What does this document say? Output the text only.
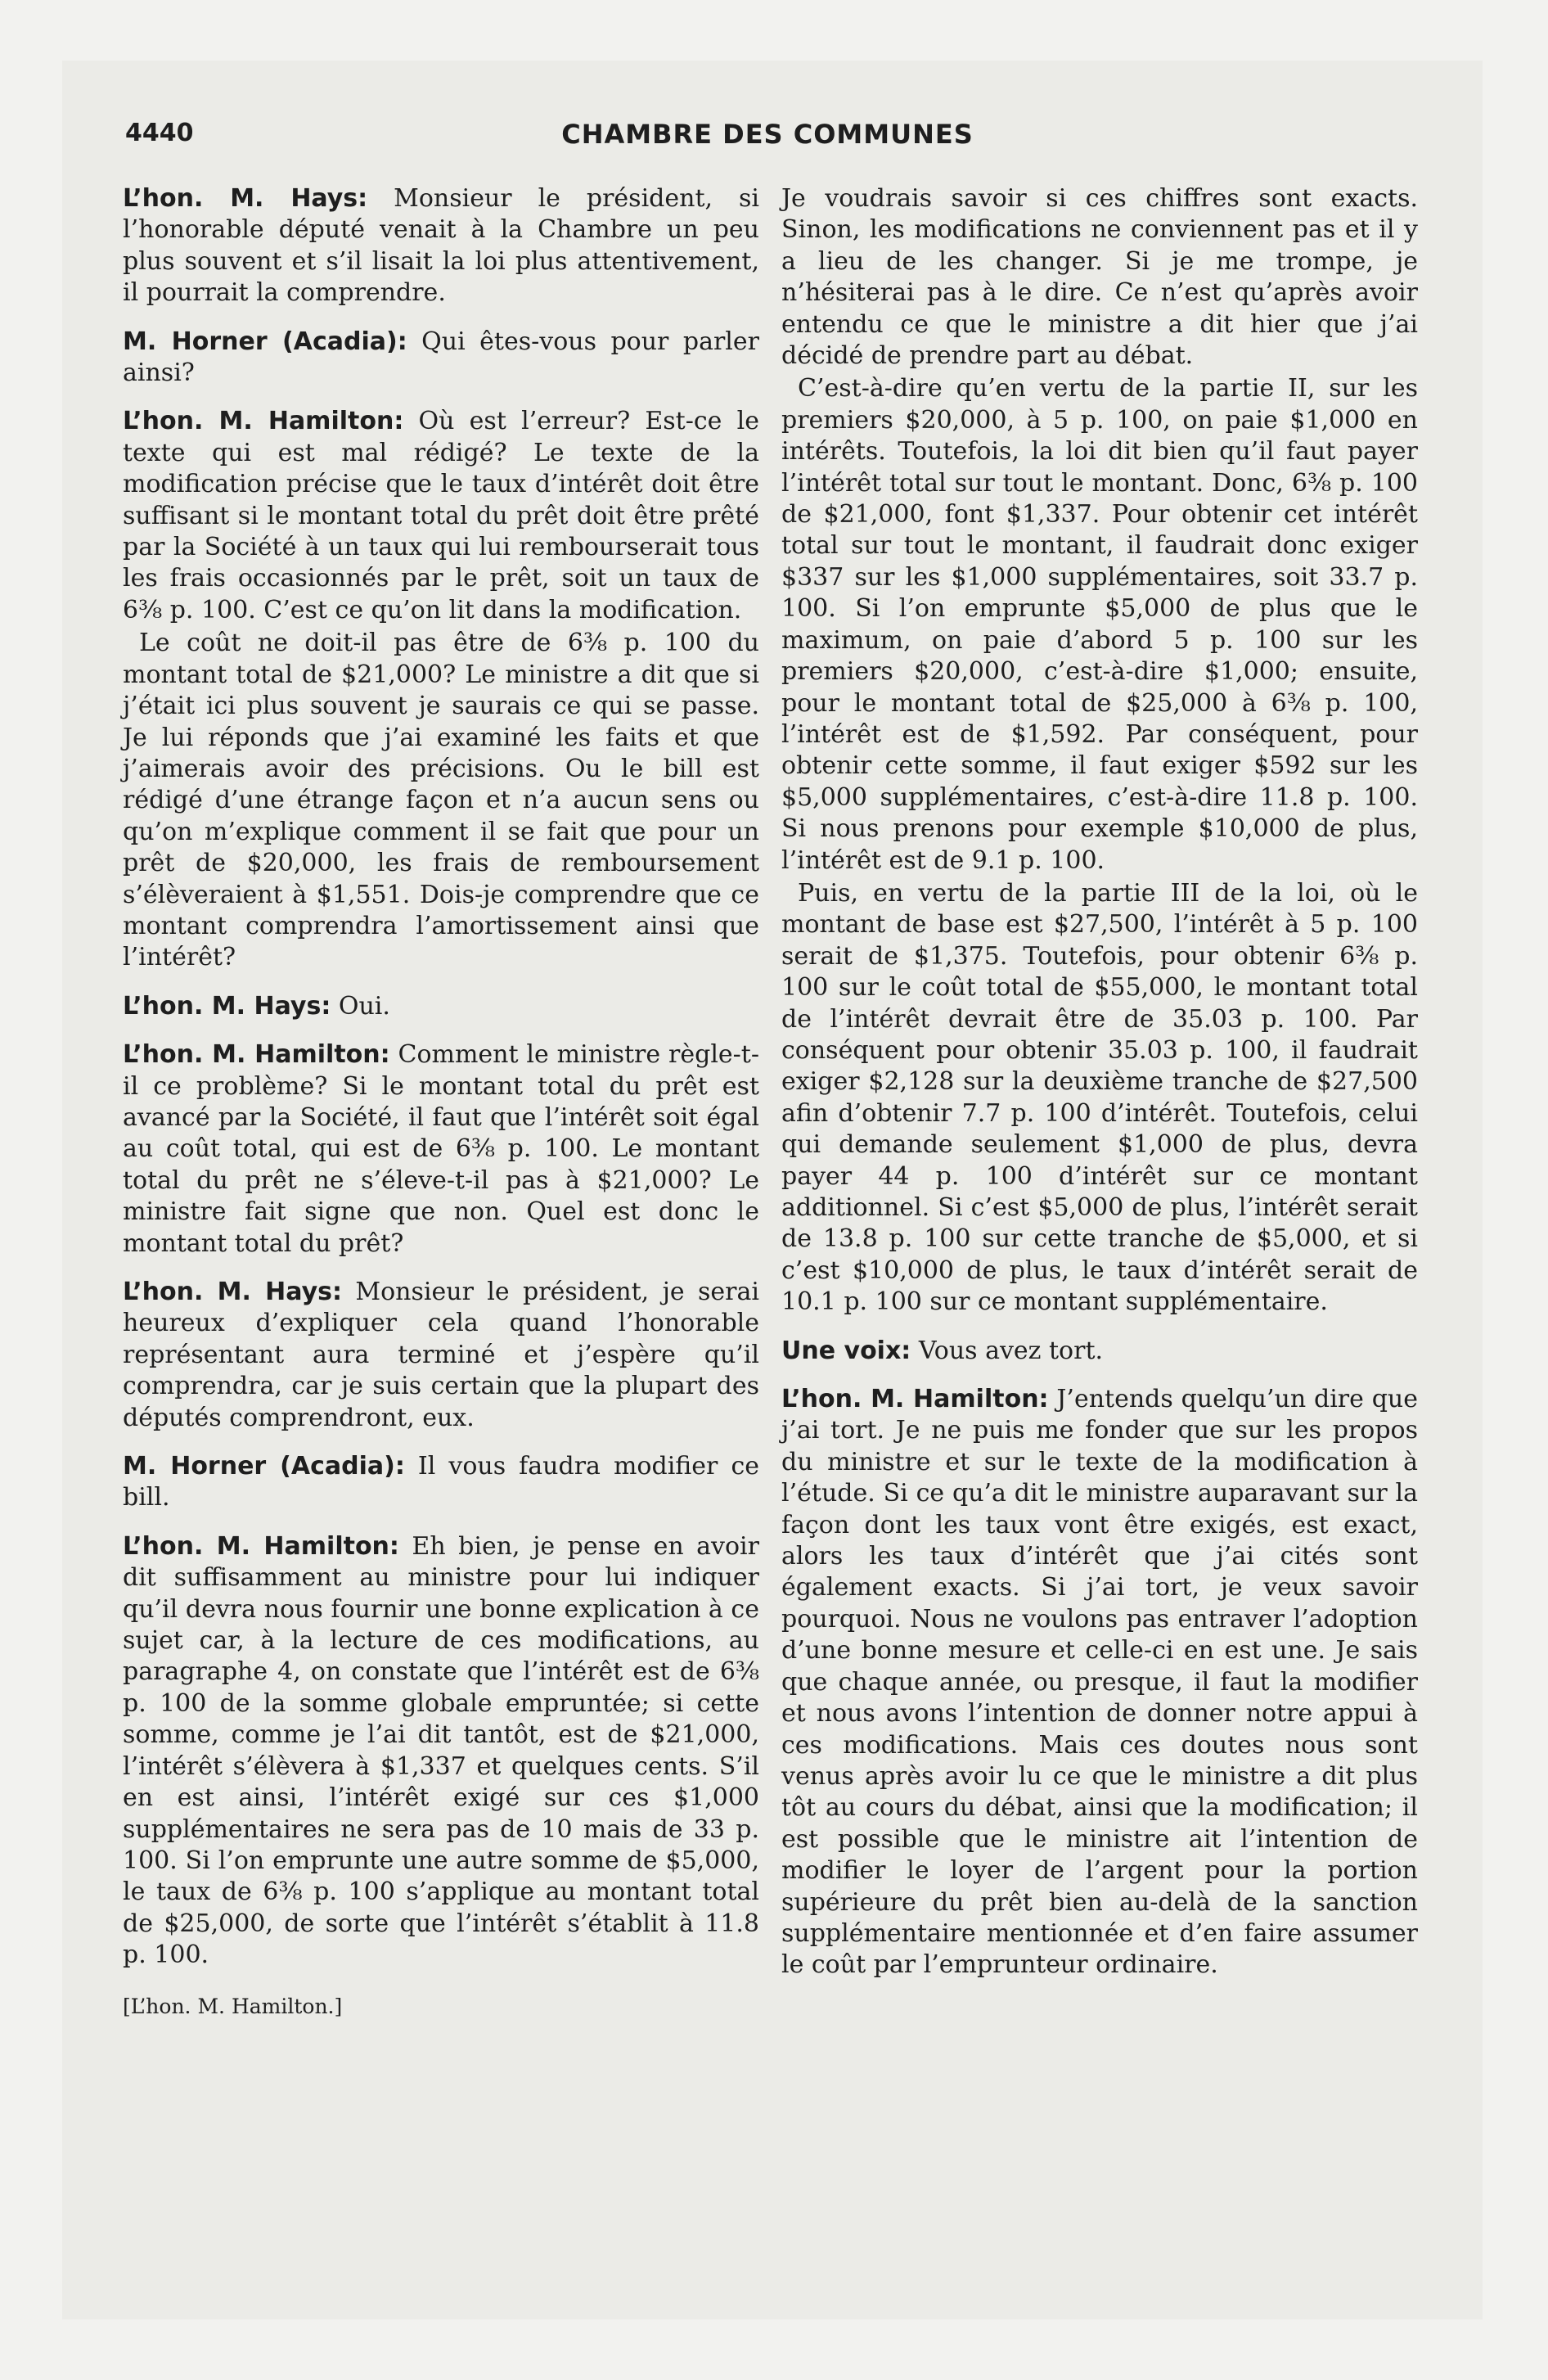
4440	CHAMBRE DES COMMUNES

L’hon. M. Hays: Monsieur le président, si l’honorable député venait à la Chambre un peu plus souvent et s’il lisait la loi plus attentivement, il pourrait la comprendre.

M. Horner (Acadia): Qui êtes-vous pour parler ainsi?

L’hon. M. Hamilton: Où est l’erreur? Est-ce le texte qui est mal rédigé? Le texte de la modification précise que le taux d’intérêt doit être suffisant si le montant total du prêt doit être prêté par la Société à un taux qui lui rembourserait tous les frais occasionnés par le prêt, soit un taux de 6⅜ p. 100. C’est ce qu’on lit dans la modification.

Le coût ne doit-il pas être de 6⅜ p. 100 du montant total de $21,000? Le ministre a dit que si j’était ici plus souvent je saurais ce qui se passe. Je lui réponds que j’ai examiné les faits et que j’aimerais avoir des précisions. Ou le bill est rédigé d’une étrange façon et n’a aucun sens ou qu’on m’explique comment il se fait que pour un prêt de $20,000, les frais de remboursement s’élèveraient à $1,551. Dois-je comprendre que ce montant comprendra l’amortissement ainsi que l’intérêt?

L’hon. M. Hays: Oui.

L’hon. M. Hamilton: Comment le ministre règle-t-il ce problème? Si le montant total du prêt est avancé par la Société, il faut que l’intérêt soit égal au coût total, qui est de 6⅜ p. 100. Le montant total du prêt ne s’éleve-t-il pas à $21,000? Le ministre fait signe que non. Quel est donc le montant total du prêt?

L’hon. M. Hays: Monsieur le président, je serai heureux d’expliquer cela quand l’honorable représentant aura terminé et j’espère qu’il comprendra, car je suis certain que la plupart des députés comprendront, eux.

M. Horner (Acadia): Il vous faudra modifier ce bill.

L’hon. M. Hamilton: Eh bien, je pense en avoir dit suffisamment au ministre pour lui indiquer qu’il devra nous fournir une bonne explication à ce sujet car, à la lecture de ces modifications, au paragraphe 4, on constate que l’intérêt est de 6⅜ p. 100 de la somme globale empruntée; si cette somme, comme je l’ai dit tantôt, est de $21,000, l’intérêt s’élèvera à $1,337 et quelques cents. S’il en est ainsi, l’intérêt exigé sur ces $1,000 supplémentaires ne sera pas de 10 mais de 33 p. 100. Si l’on emprunte une autre somme de $5,000, le taux de 6⅜ p. 100 s’applique au montant total de $25,000, de sorte que l’intérêt s’établit à 11.8 p. 100.

[L’hon. M. Hamilton.]

Je voudrais savoir si ces chiffres sont exacts. Sinon, les modifications ne conviennent pas et il y a lieu de les changer. Si je me trompe, je n’hésiterai pas à le dire. Ce n’est qu’après avoir entendu ce que le ministre a dit hier que j’ai décidé de prendre part au débat.

C’est-à-dire qu’en vertu de la partie II, sur les premiers $20,000, à 5 p. 100, on paie $1,000 en intérêts. Toutefois, la loi dit bien qu’il faut payer l’intérêt total sur tout le montant. Donc, 6⅜ p. 100 de $21,000, font $1,337. Pour obtenir cet intérêt total sur tout le montant, il faudrait donc exiger $337 sur les $1,000 supplémentaires, soit 33.7 p. 100. Si l’on emprunte $5,000 de plus que le maximum, on paie d’abord 5 p. 100 sur les premiers $20,000, c’est-à-dire $1,000; ensuite, pour le montant total de $25,000 à 6⅜ p. 100, l’intérêt est de $1,592. Par conséquent, pour obtenir cette somme, il faut exiger $592 sur les $5,000 supplémentaires, c’est-à-dire 11.8 p. 100. Si nous prenons pour exemple $10,000 de plus, l’intérêt est de 9.1 p. 100.

Puis, en vertu de la partie III de la loi, où le montant de base est $27,500, l’intérêt à 5 p. 100 serait de $1,375. Toutefois, pour obtenir 6⅜ p. 100 sur le coût total de $55,000, le montant total de l’intérêt devrait être de 35.03 p. 100. Par conséquent pour obtenir 35.03 p. 100, il faudrait exiger $2,128 sur la deuxième tranche de $27,500 afin d’obtenir 7.7 p. 100 d’intérêt. Toutefois, celui qui demande seulement $1,000 de plus, devra payer 44 p. 100 d’intérêt sur ce montant additionnel. Si c’est $5,000 de plus, l’intérêt serait de 13.8 p. 100 sur cette tranche de $5,000, et si c’est $10,000 de plus, le taux d’intérêt serait de 10.1 p. 100 sur ce montant supplémentaire.

Une voix: Vous avez tort.

L’hon. M. Hamilton: J’entends quelqu’un dire que j’ai tort. Je ne puis me fonder que sur les propos du ministre et sur le texte de la modification à l’étude. Si ce qu’a dit le ministre auparavant sur la façon dont les taux vont être exigés, est exact, alors les taux d’intérêt que j’ai cités sont également exacts. Si j’ai tort, je veux savoir pourquoi. Nous ne voulons pas entraver l’adoption d’une bonne mesure et celle-ci en est une. Je sais que chaque année, ou presque, il faut la modifier et nous avons l’intention de donner notre appui à ces modifications. Mais ces doutes nous sont venus après avoir lu ce que le ministre a dit plus tôt au cours du débat, ainsi que la modification; il est possible que le ministre ait l’intention de modifier le loyer de l’argent pour la portion supérieure du prêt bien au-delà de la sanction supplémentaire mentionnée et d’en faire assumer le coût par l’emprunteur ordinaire.
